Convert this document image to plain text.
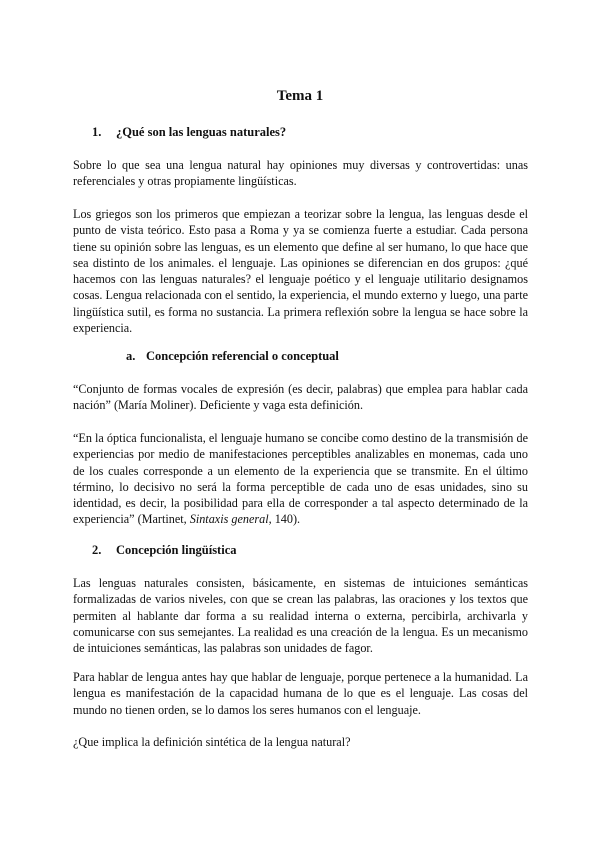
Tema 1
1. ¿Qué son las lenguas naturales?

Sobre lo que sea una lengua natural hay opiniones muy diversas y controvertidas: unas referenciales y otras propiamente lingüísticas.

Los griegos son los primeros que empiezan a teorizar sobre la lengua, las lenguas desde el punto de vista teórico. Esto pasa a Roma y ya se comienza fuerte a estudiar. Cada persona tiene su opinión sobre las lenguas, es un elemento que define al ser humano, lo que hace que sea distinto de los animales. el lenguaje. Las opiniones se diferencian en dos grupos: ¿qué hacemos con las lenguas naturales? el lenguaje poético y el lenguaje utilitario designamos cosas. Lengua relacionada con el sentido, la experiencia, el mundo externo y luego, una parte lingüística sutil, es forma no sustancia. La primera reflexión sobre la lengua se hace sobre la experiencia.

a. Concepción referencial o conceptual

“Conjunto de formas vocales de expresión (es decir, palabras) que emplea para hablar cada nación” (María Moliner). Deficiente y vaga esta definición.

“En la óptica funcionalista, el lenguaje humano se concibe como destino de la transmisión de experiencias por medio de manifestaciones perceptibles analizables en monemas, cada uno de los cuales corresponde a un elemento de la experiencia que se transmite. En el último término, lo decisivo no será la forma perceptible de cada uno de esas unidades, sino su identidad, es decir, la posibilidad para ella de corresponder a tal aspecto determinado de la experiencia” (Martinet, Sintaxis general, 140).

2. Concepción lingüística

Las lenguas naturales consisten, básicamente, en sistemas de intuiciones semánticas formalizadas de varios niveles, con que se crean las palabras, las oraciones y los textos que permiten al hablante dar forma a su realidad interna o externa, percibirla, archivarla y comunicarse con sus semejantes. La realidad es una creación de la lengua. Es un mecanismo de intuiciones semánticas, las palabras son unidades de fagor.

Para hablar de lengua antes hay que hablar de lenguaje, porque pertenece a la humanidad. La lengua es manifestación de la capacidad humana de lo que es el lenguaje. Las cosas del mundo no tienen orden, se lo damos los seres humanos con el lenguaje.

¿Que implica la definición sintética de la lengua natural?
